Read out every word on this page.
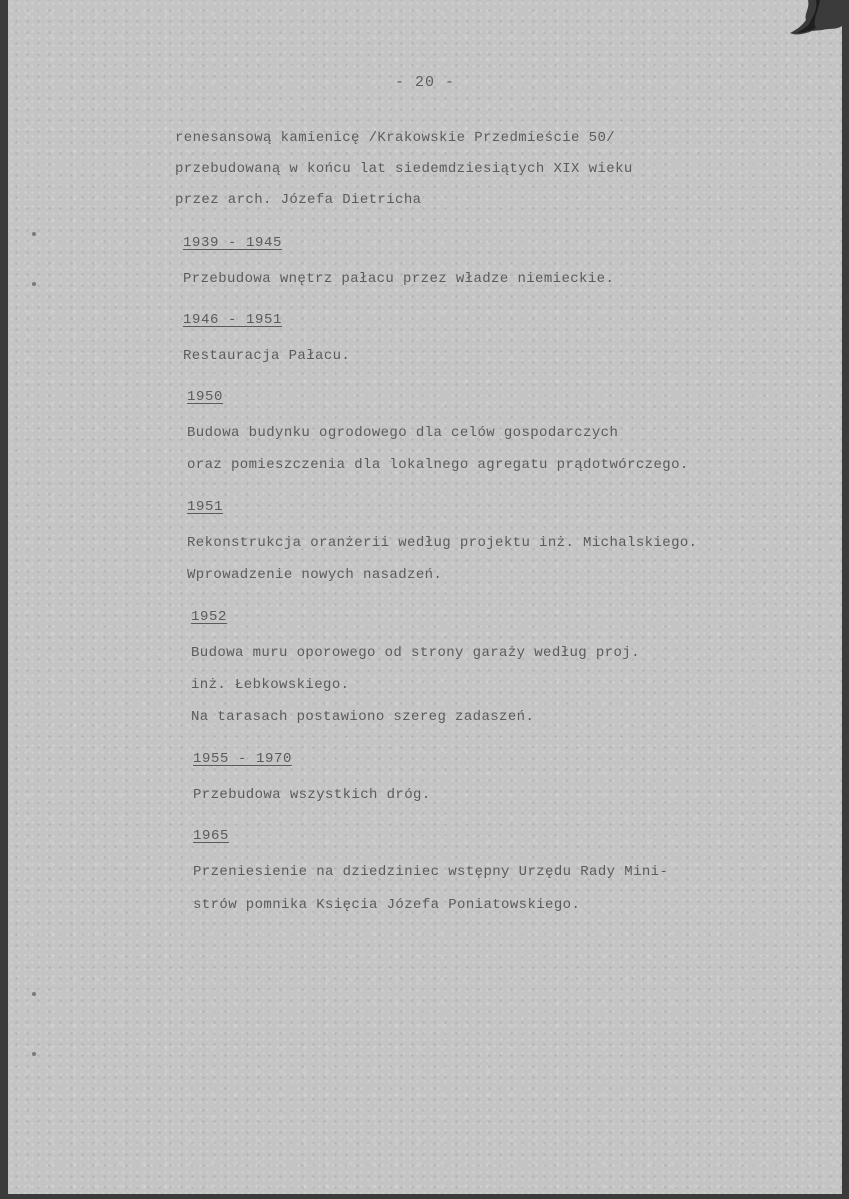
- 20 -
renesansową kamienicę /Krakowskie Przedmieście 50/
przebudowaną w końcu lat siedemdziesiątych XIX wieku
przez arch. Józefa Dietricha
1939 - 1945
Przebudowa wnętrz pałacu przez władze niemieckie.
1946 - 1951
Restauracja Pałacu.
1950
Budowa budynku ogrodowego dla celów gospodarczych
oraz pomieszczenia dla lokalnego agregatu prądotwórczego.
1951
Rekonstrukcja oranżerii według projektu inż. Michalskiego.
Wprowadzenie nowych nasadzeń.
1952
Budowa muru oporowego od strony garaży według proj.
inż. Łebkowskiego.
Na tarasach postawiono szereg zadaszeń.
1955 - 1970
Przebudowa wszystkich dróg.
1965
Przeniesienie na dziedziniec wstępny Urzędu Rady Mini-
strów pomnika Księcia Józefa Poniatowskiego.
